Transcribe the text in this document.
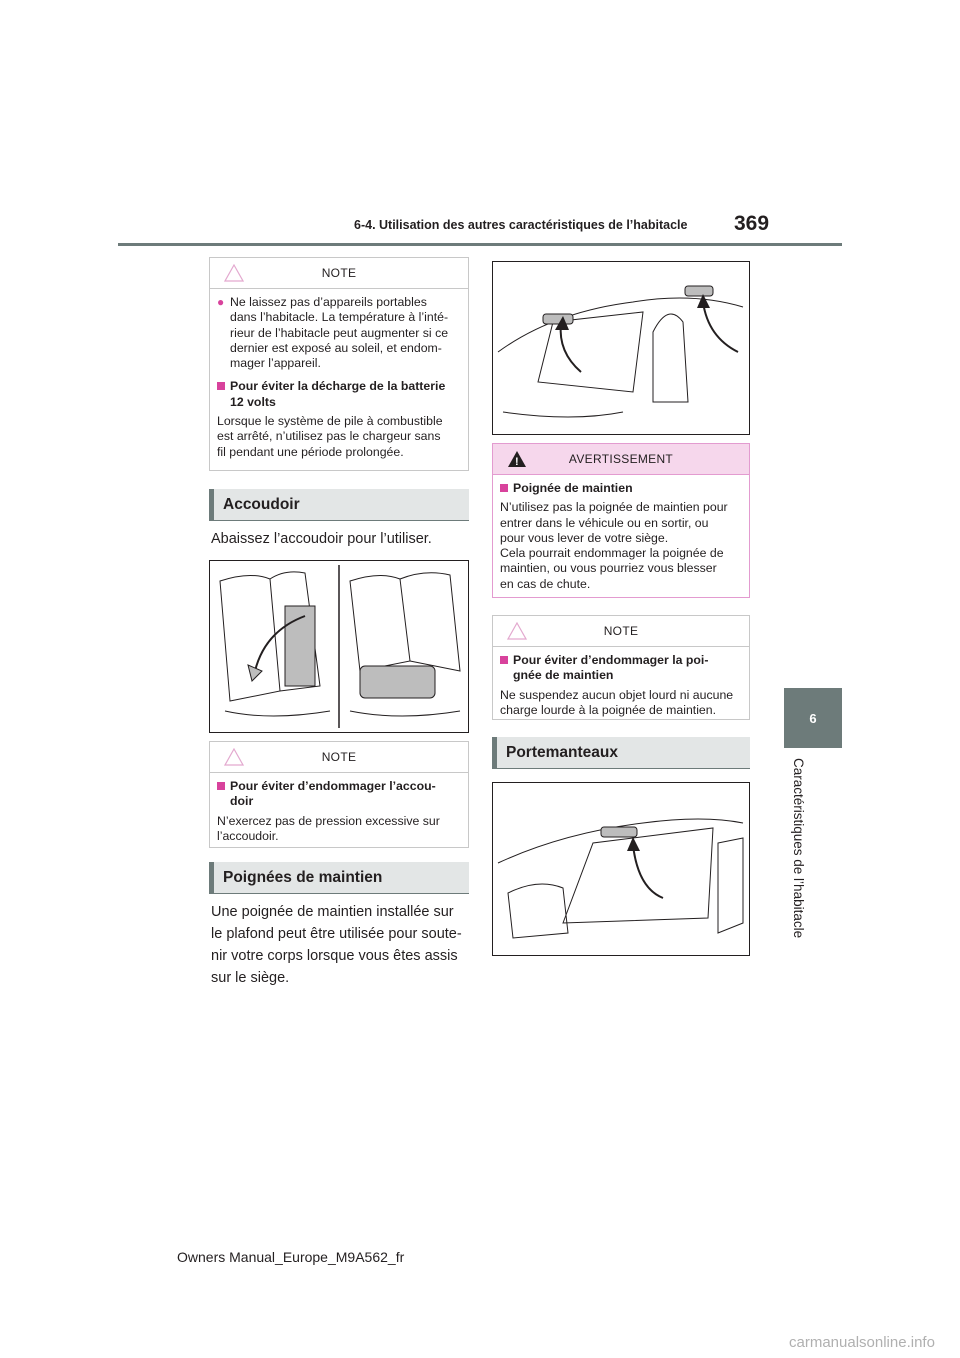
6-4. Utilisation des autres caractéristiques de l’habitacle 369
6
Caractéristiques de l’habitacle
NOTE
● Ne laissez pas d’appareils portables
dans l’habitacle. La température à l’inté-
rieur de l’habitacle peut augmenter si ce
dernier est exposé au soleil, et endom-
mager l’appareil.
Pour éviter la décharge de la batterie
12 volts
Lorsque le système de pile à combustible
est arrêté, n’utilisez pas le chargeur sans
fil pendant une période prolongée.
Accoudoir
Abaissez l’accoudoir pour l’utiliser.
NOTE
Pour éviter d’endommager l’accou-
doir
N’exercez pas de pression excessive sur
l’accoudoir.
Poignées de maintien
Une poignée de maintien installée sur
le plafond peut être utilisée pour soute-
nir votre corps lorsque vous êtes assis
sur le siège.
!	AVERTISSEMENT
Poignée de maintien
N’utilisez pas la poignée de maintien pour
entrer dans le véhicule ou en sortir, ou
pour vous lever de votre siège.
Cela pourrait endommager la poignée de
maintien, ou vous pourriez vous blesser
en cas de chute.
NOTE
Pour éviter d’endommager la poi-
gnée de maintien
Ne suspendez aucun objet lourd ni aucune
charge lourde à la poignée de maintien.
Portemanteaux
Owners Manual_Europe_M9A562_fr
carmanualsonline.info
